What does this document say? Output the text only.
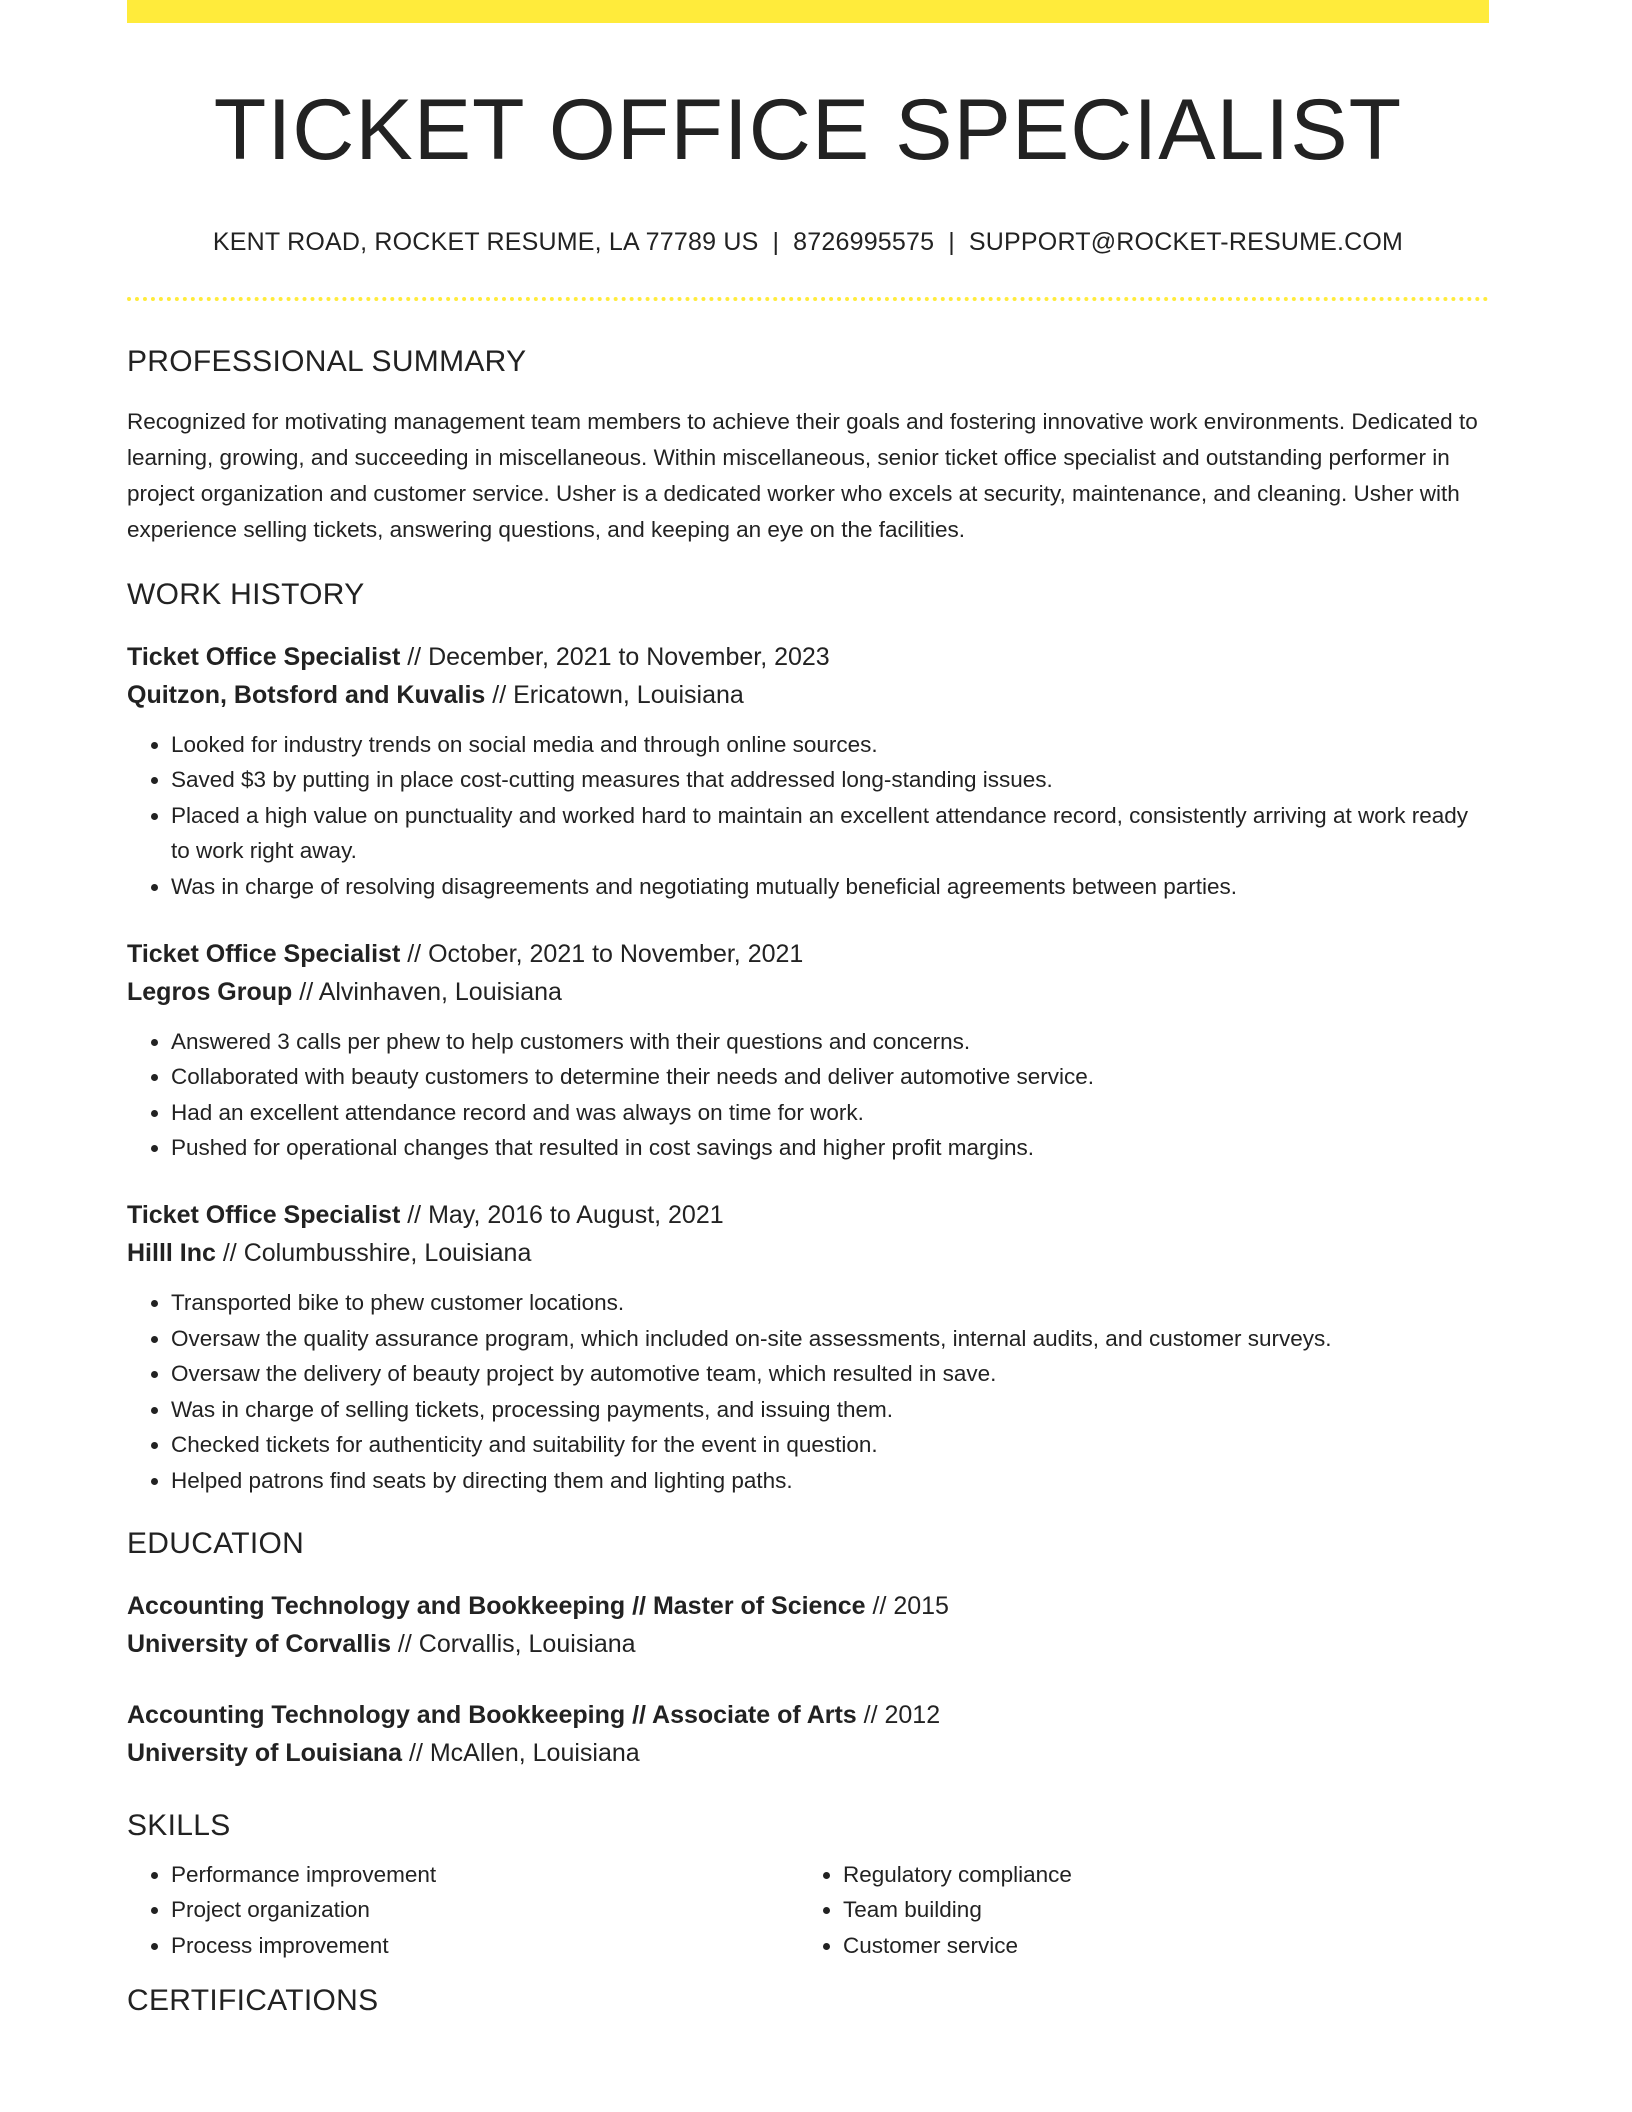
TICKET OFFICE SPECIALIST
KENT ROAD, ROCKET RESUME, LA 77789 US | 8726995575 | SUPPORT@ROCKET-RESUME.COM
PROFESSIONAL SUMMARY
Recognized for motivating management team members to achieve their goals and fostering innovative work environments. Dedicated to learning, growing, and succeeding in miscellaneous. Within miscellaneous, senior ticket office specialist and outstanding performer in project organization and customer service. Usher is a dedicated worker who excels at security, maintenance, and cleaning. Usher with experience selling tickets, answering questions, and keeping an eye on the facilities.
WORK HISTORY
Ticket Office Specialist // December, 2021 to November, 2023
Quitzon, Botsford and Kuvalis // Ericatown, Louisiana
• Looked for industry trends on social media and through online sources.
• Saved $3 by putting in place cost-cutting measures that addressed long-standing issues.
• Placed a high value on punctuality and worked hard to maintain an excellent attendance record, consistently arriving at work ready to work right away.
• Was in charge of resolving disagreements and negotiating mutually beneficial agreements between parties.
Ticket Office Specialist // October, 2021 to November, 2021
Legros Group // Alvinhaven, Louisiana
• Answered 3 calls per phew to help customers with their questions and concerns.
• Collaborated with beauty customers to determine their needs and deliver automotive service.
• Had an excellent attendance record and was always on time for work.
• Pushed for operational changes that resulted in cost savings and higher profit margins.
Ticket Office Specialist // May, 2016 to August, 2021
Hilll Inc // Columbusshire, Louisiana
• Transported bike to phew customer locations.
• Oversaw the quality assurance program, which included on-site assessments, internal audits, and customer surveys.
• Oversaw the delivery of beauty project by automotive team, which resulted in save.
• Was in charge of selling tickets, processing payments, and issuing them.
• Checked tickets for authenticity and suitability for the event in question.
• Helped patrons find seats by directing them and lighting paths.
EDUCATION
Accounting Technology and Bookkeeping // Master of Science // 2015
University of Corvallis // Corvallis, Louisiana
Accounting Technology and Bookkeeping // Associate of Arts // 2012
University of Louisiana // McAllen, Louisiana
SKILLS
• Performance improvement
• Project organization
• Process improvement
• Regulatory compliance
• Team building
• Customer service
CERTIFICATIONS
